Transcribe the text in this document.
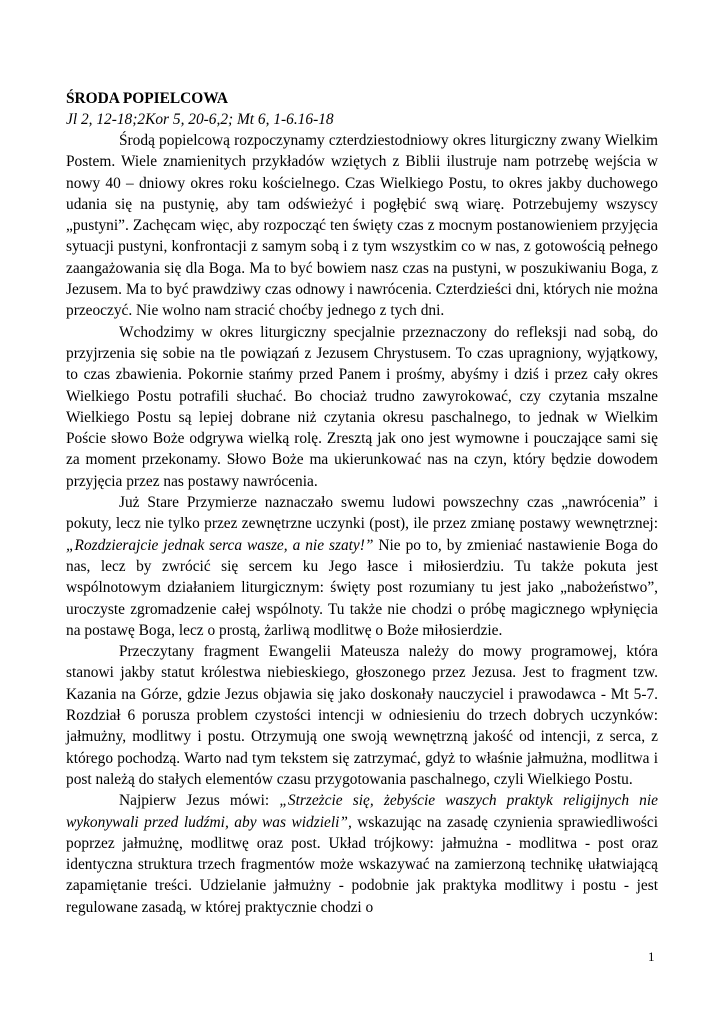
ŚRODA POPIELCOWA

Jl 2, 12-18;2Kor 5, 20-6,2; Mt 6, 1-6.16-18

Środą popielcową rozpoczynamy czterdziestodniowy okres liturgiczny zwany Wielkim Postem. Wiele znamienitych przykładów wziętych z Biblii ilustruje nam potrzebę wejścia w nowy 40 – dniowy okres roku kościelnego. Czas Wielkiego Postu, to okres jakby duchowego udania się na pustynię, aby tam odświeżyć i pogłębić swą wiarę. Potrzebujemy wszyscy „pustyni”. Zachęcam więc, aby rozpocząć ten święty czas z mocnym postanowieniem przyjęcia sytuacji pustyni, konfrontacji z samym sobą i z tym wszystkim co w nas, z gotowością pełnego zaangażowania się dla Boga. Ma to być bowiem nasz czas na pustyni, w poszukiwaniu Boga, z Jezusem. Ma to być prawdziwy czas odnowy i nawrócenia. Czterdzieści dni, których nie można przeoczyć. Nie wolno nam stracić choćby jednego z tych dni.

Wchodzimy w okres liturgiczny specjalnie przeznaczony do refleksji nad sobą, do przyjrzenia się sobie na tle powiązań z Jezusem Chrystusem. To czas upragniony, wyjątkowy, to czas zbawienia. Pokornie stańmy przed Panem i prośmy, abyśmy i dziś i przez cały okres Wielkiego Postu potrafili słuchać. Bo chociaż trudno zawyrokować, czy czytania mszalne Wielkiego Postu są lepiej dobrane niż czytania okresu paschalnego, to jednak w Wielkim Poście słowo Boże odgrywa wielką rolę. Zresztą jak ono jest wymowne i pouczające sami się za moment przekonamy. Słowo Boże ma ukierunkować nas na czyn, który będzie dowodem przyjęcia przez nas postawy nawrócenia.

Już Stare Przymierze naznaczało swemu ludowi powszechny czas „nawrócenia” i pokuty, lecz nie tylko przez zewnętrzne uczynki (post), ile przez zmianę postawy wewnętrznej: „Rozdzierajcie jednak serca wasze, a nie szaty!” Nie po to, by zmieniać nastawienie Boga do nas, lecz by zwrócić się sercem ku Jego łasce i miłosierdziu. Tu także pokuta jest wspólnotowym działaniem liturgicznym: święty post rozumiany tu jest jako „nabożeństwo”, uroczyste zgromadzenie całej wspólnoty. Tu także nie chodzi o próbę magicznego wpłynięcia na postawę Boga, lecz o prostą, żarliwą modlitwę o Boże miłosierdzie.

Przeczytany fragment Ewangelii Mateusza należy do mowy programowej, która stanowi jakby statut królestwa niebieskiego, głoszonego przez Jezusa. Jest to fragment tzw. Kazania na Górze, gdzie Jezus objawia się jako doskonały nauczyciel i prawodawca - Mt 5-7. Rozdział 6 porusza problem czystości intencji w odniesieniu do trzech dobrych uczynków: jałmużny, modlitwy i postu. Otrzymują one swoją wewnętrzną jakość od intencji, z serca, z którego pochodzą. Warto nad tym tekstem się zatrzymać, gdyż to właśnie jałmużna, modlitwa i post należą do stałych elementów czasu przygotowania paschalnego, czyli Wielkiego Postu.

Najpierw Jezus mówi: „Strzeżcie się, żebyście waszych praktyk religijnych nie wykonywali przed ludźmi, aby was widzieli”, wskazując na zasadę czynienia sprawiedliwości poprzez jałmużnę, modlitwę oraz post. Układ trójkowy: jałmużna - modlitwa - post oraz identyczna struktura trzech fragmentów może wskazywać na zamierzoną technikę ułatwiającą zapamiętanie treści. Udzielanie jałmużny - podobnie jak praktyka modlitwy i postu - jest regulowane zasadą, w której praktycznie chodzi o

1
